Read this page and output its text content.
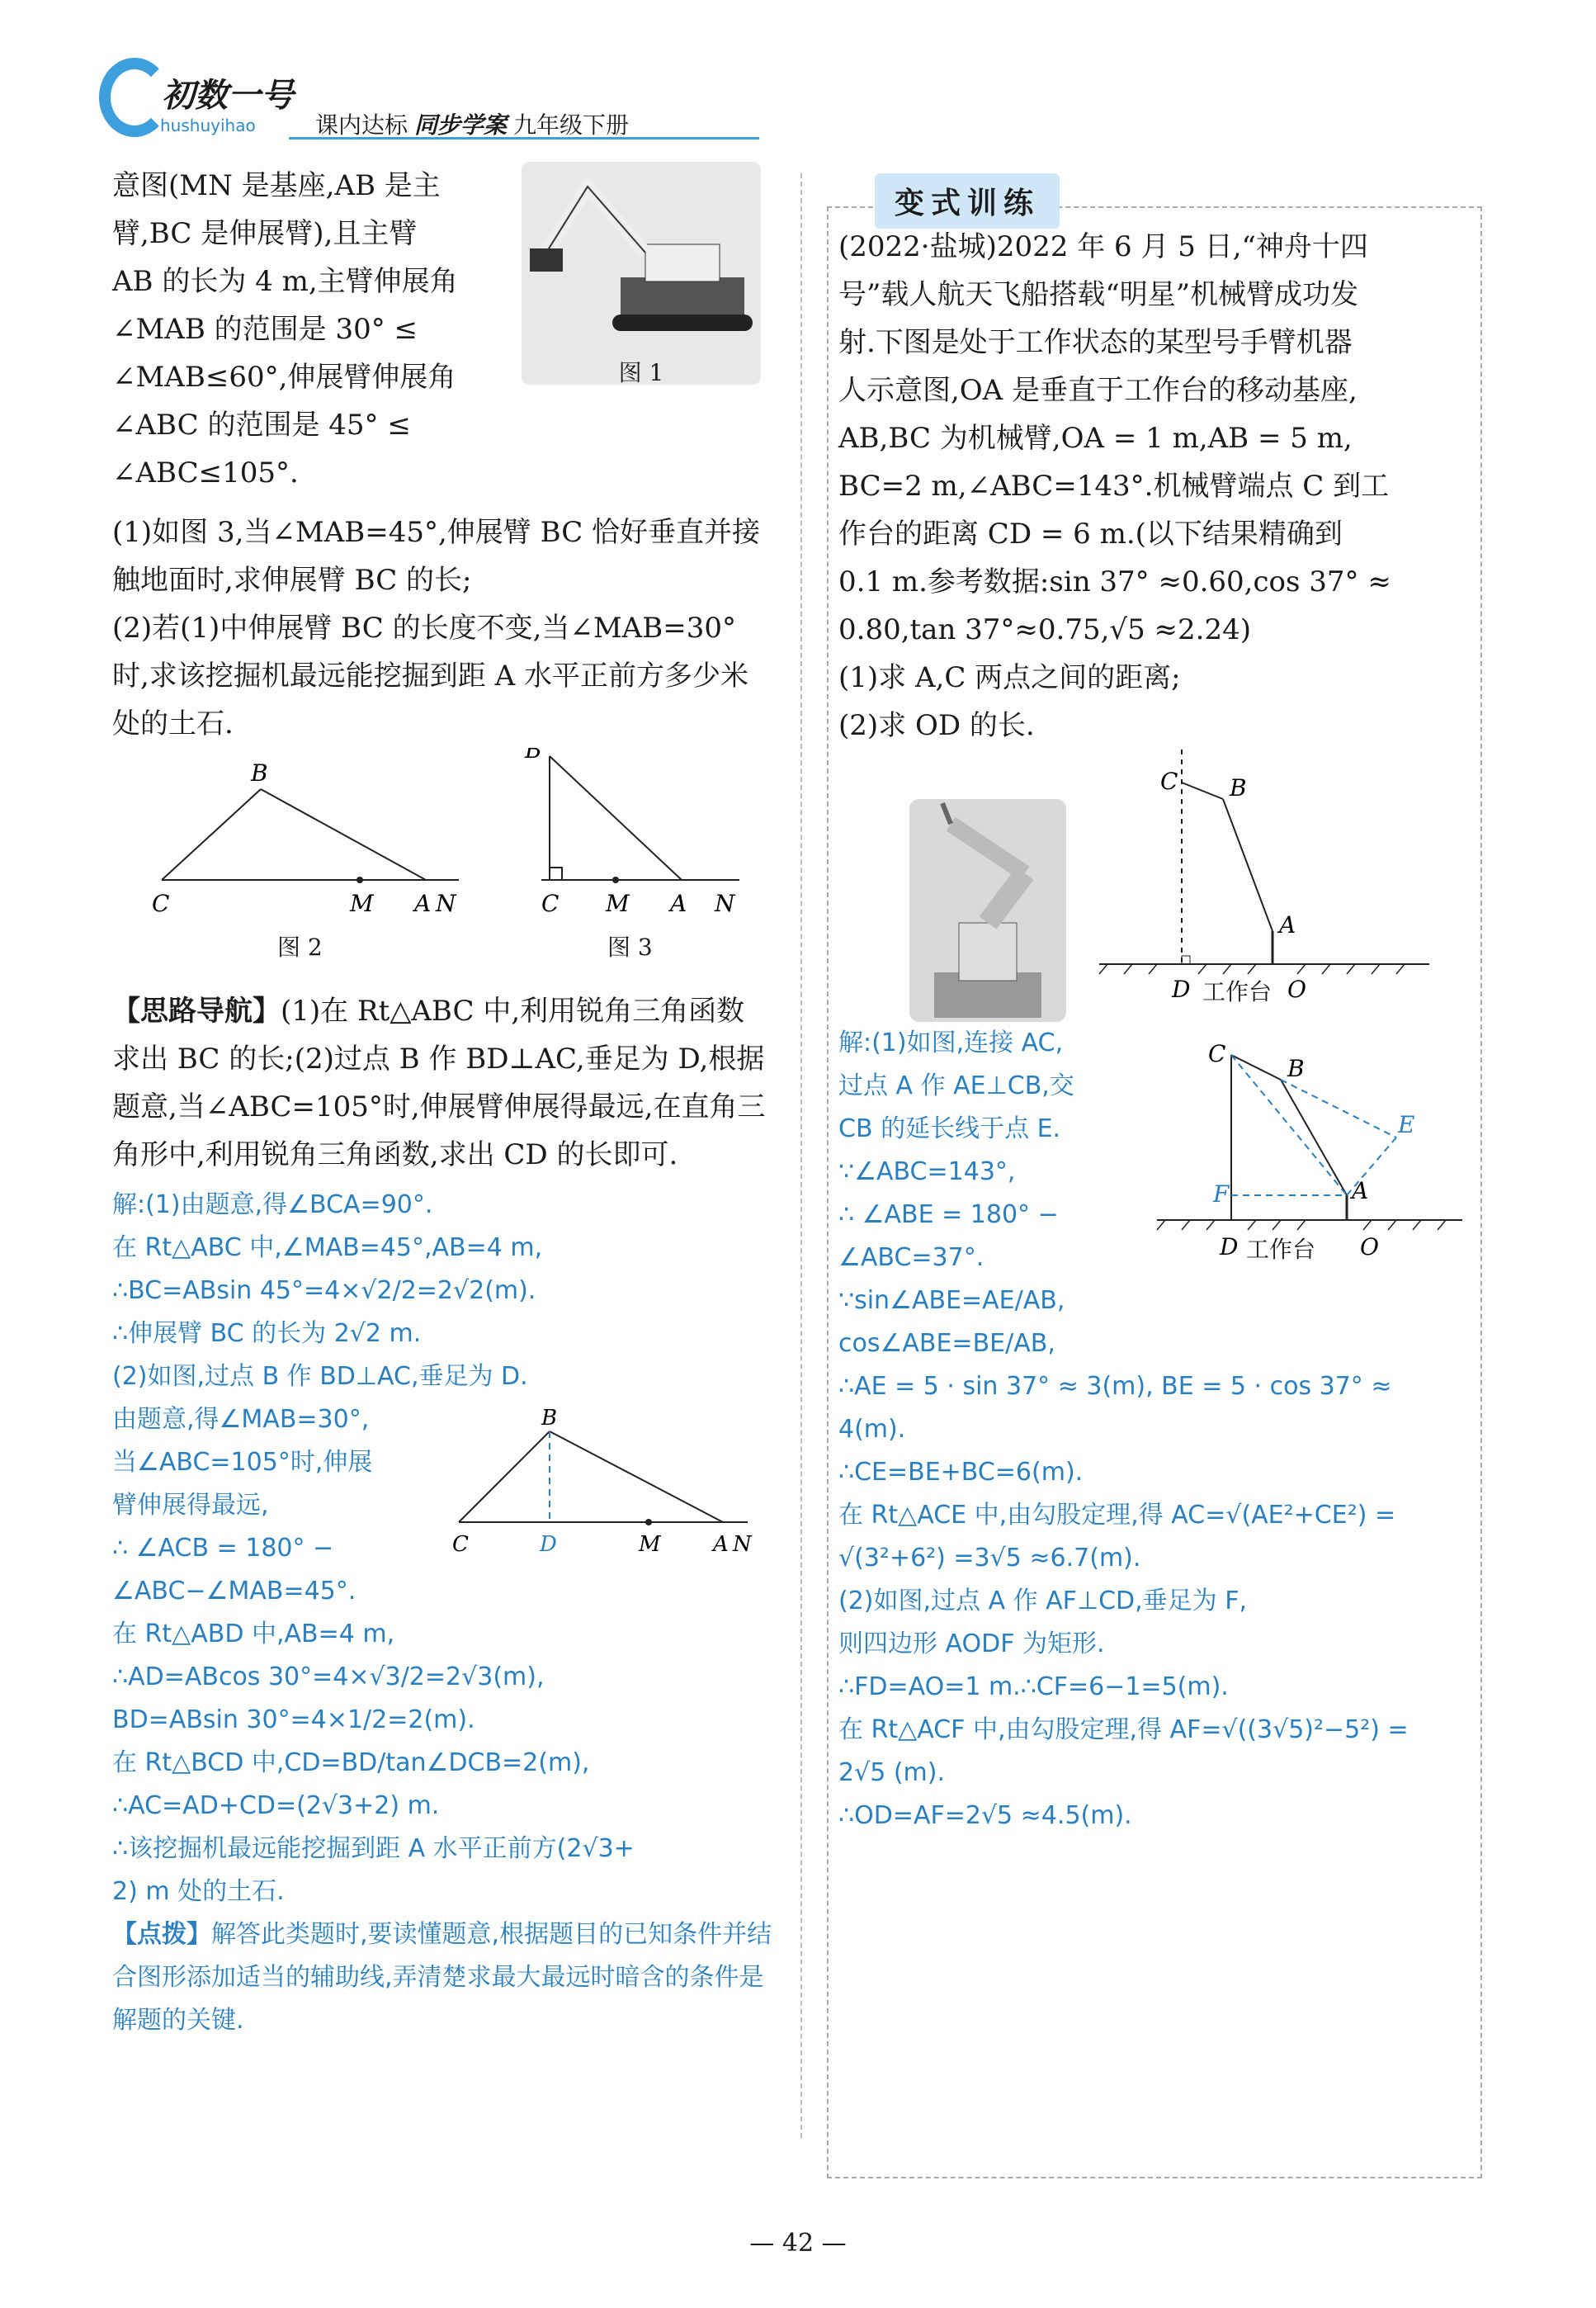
初数一号
hushuyihao	课内达标 同步学案 九年级下册

意图(MN 是基座,AB 是主

臂,BC 是伸展臂),且主臂

AB 的长为 4 m,主臂伸展角

∠MAB 的范围是 30° ≤

∠MAB≤60°,伸展臂伸展角

∠ABC 的范围是 45° ≤

∠ABC≤105°.

图 1

(1)如图 3,当∠MAB=45°,伸展臂 BC 恰好垂直并接触地面时,求伸展臂 BC 的长;

(2)若(1)中伸展臂 BC 的长度不变,当∠MAB=30°时,求该挖掘机最远能挖掘到距 A 水平正前方多少米处的土石.

B
C	M A N
B
C M A N
图 2	图 3

【思路导航】(1)在 Rt△ABC 中,利用锐角三角函数求出 BC 的长;(2)过点 B 作 BD⊥AC,垂足为 D,根据题意,当∠ABC=105°时,伸展臂伸展得最远,在直角三角形中,利用锐角三角函数,求出 CD 的长即可.

解:(1)由题意,得∠BCA=90°.

在 Rt△ABC 中,∠MAB=45°,AB=4 m,

∴BC=ABsin 45°=4×√2/2=2√2(m).

∴伸展臂 BC 的长为 2√2 m.

(2)如图,过点 B 作 BD⊥AC,垂足为 D.

由题意,得∠MAB=30°,

当∠ABC=105°时,伸展

臂伸展得最远,

∴ ∠ACB = 180° −

∠ABC−∠MAB=45°.

B
C	D	M A N

在 Rt△ABD 中,AB=4 m,

∴AD=ABcos 30°=4×√3/2=2√3(m),

BD=ABsin 30°=4×1/2=2(m).

在 Rt△BCD 中,CD=BD/tan∠DCB=2(m),

∴AC=AD+CD=(2√3+2) m.

∴该挖掘机最远能挖掘到距 A 水平正前方(2√3+

2) m 处的土石.

【点拨】解答此类题时,要读懂题意,根据题目的已知条件并结合图形添加适当的辅助线,弄清楚求最大最远时暗含的条件是解题的关键.

变式训练

(2022·盐城)2022 年 6 月 5 日,“神舟十四

号”载人航天飞船搭载“明星”机械臂成功发

射.下图是处于工作状态的某型号手臂机器

人示意图,OA 是垂直于工作台的移动基座,

AB,BC 为机械臂,OA = 1 m,AB = 5 m,

BC=2 m,∠ABC=143°.机械臂端点 C 到工

作台的距离 CD = 6 m.(以下结果精确到

0.1 m.参考数据:sin 37° ≈0.60,cos 37° ≈

0.80,tan 37°≈0.75,√5 ≈2.24)

(1)求 A,C 两点之间的距离;

(2)求 OD 的长.

C B
A
D	O
工作台

解:(1)如图,连接 AC,

过点 A 作 AE⊥CB,交

CB 的延长线于点 E.

∵∠ABC=143°,

∴ ∠ABE = 180° −

∠ABC=37°.

∵sin∠ABE=AE/AB,

cos∠ABE=BE/AB,

C
B
E
A
F
D	O
工作台

∴AE = 5 · sin 37° ≈ 3(m), BE = 5 · cos 37° ≈

4(m).

∴CE=BE+BC=6(m).

在 Rt△ACE 中,由勾股定理,得 AC=√(AE²+CE²) =

√(3²+6²) =3√5 ≈6.7(m).

(2)如图,过点 A 作 AF⊥CD,垂足为 F,

则四边形 AODF 为矩形.

∴FD=AO=1 m.∴CF=6−1=5(m).

在 Rt△ACF 中,由勾股定理,得 AF=√((3√5)²−5²) =

2√5 (m).

∴OD=AF=2√5 ≈4.5(m).

— 42 —
